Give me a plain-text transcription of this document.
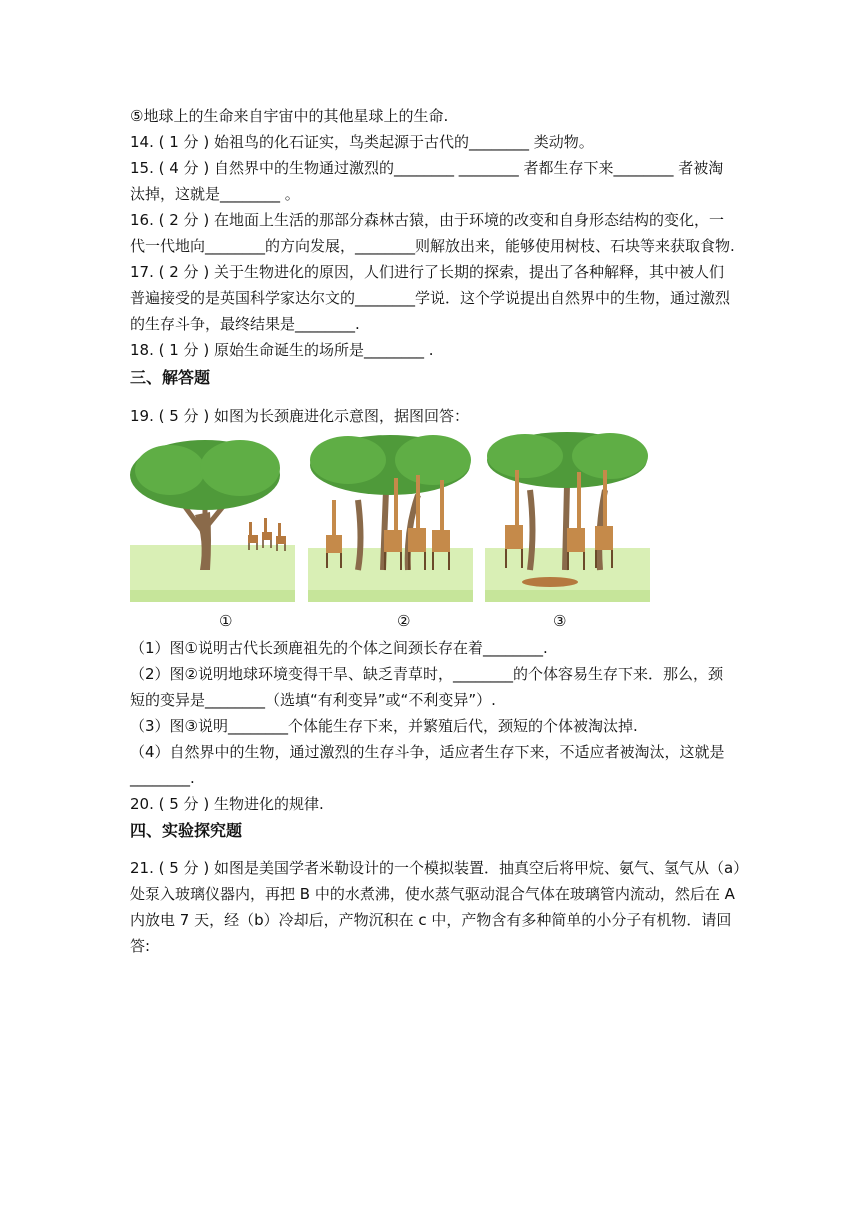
⑤地球上的生命来自宇宙中的其他星球上的生命.
14. ( 1 分 ) 始祖鸟的化石证实，鸟类起源于古代的________ 类动物。
15. ( 4 分 ) 自然界中的生物通过激烈的________ ________ 者都生存下来________ 者被淘
汰掉，这就是________ 。
16. ( 2 分 ) 在地面上生活的那部分森林古猿，由于环境的改变和自身形态结构的变化，一
代一代地向________的方向发展，________则解放出来，能够使用树枝、石块等来获取食物.
17. ( 2 分 ) 关于生物进化的原因，人们进行了长期的探索，提出了各种解释，其中被人们
普遍接受的是英国科学家达尔文的________学说．这个学说提出自然界中的生物，通过激烈
的生存斗争，最终结果是________.
18. ( 1 分 ) 原始生命诞生的场所是________ .
三、解答题
19. ( 5 分 ) 如图为长颈鹿进化示意图，据图回答：
①	②	③
（1）图①说明古代长颈鹿祖先的个体之间颈长存在着________.
（2）图②说明地球环境变得干旱、缺乏青草时，________的个体容易生存下来．那么，颈
短的变异是________（选填“有利变异”或“不利变异”）.
（3）图③说明________个体能生存下来，并繁殖后代，颈短的个体被淘汰掉.
（4）自然界中的生物，通过激烈的生存斗争，适应者生存下来，不适应者被淘汰，这就是
________.
20. ( 5 分 ) 生物进化的规律.
四、实验探究题
21. ( 5 分 ) 如图是美国学者米勒设计的一个模拟装置．抽真空后将甲烷、氨气、氢气从（a）
处泵入玻璃仪器内，再把 B 中的水煮沸，使水蒸气驱动混合气体在玻璃管内流动，然后在 A
内放电 7 天，经（b）冷却后，产物沉积在 c 中，产物含有多种简单的小分子有机物．请回
答:
